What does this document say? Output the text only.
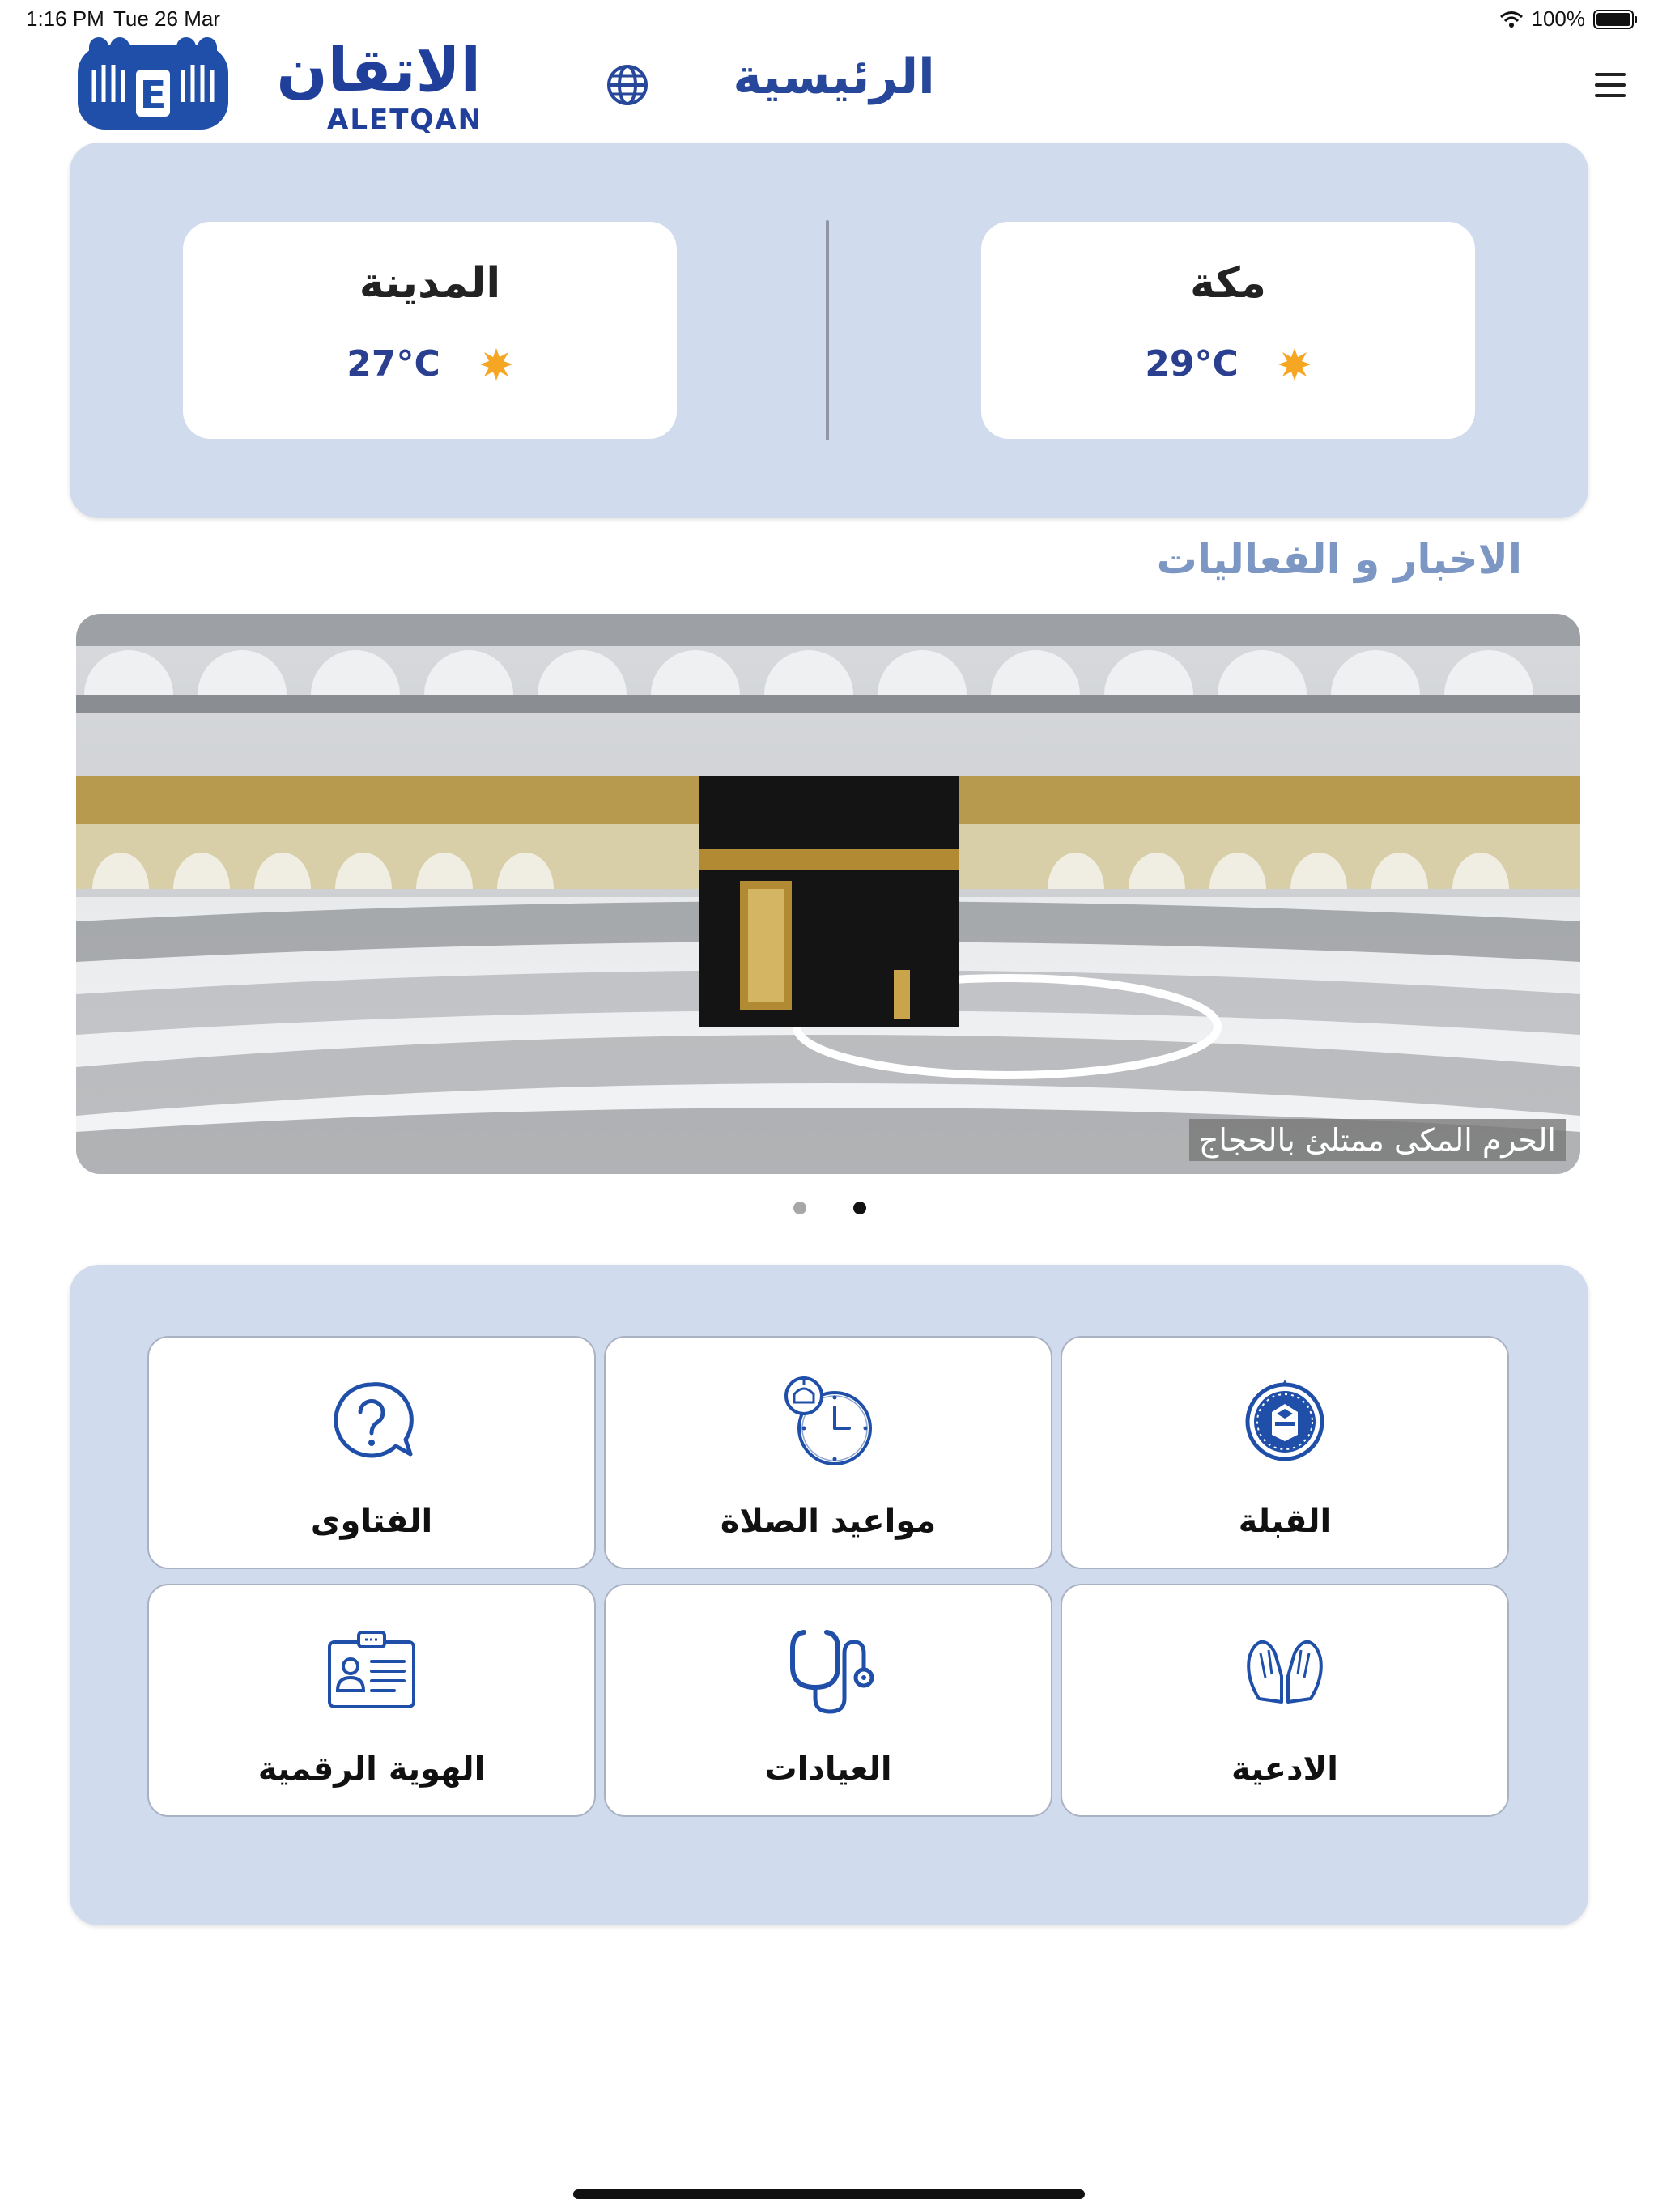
1:16 PM Tue 26 Mar	100%
E الاتقان
ALETQAN
الرئيسية
مكة
29°C
المدينة
27°C
الاخبار و الفعاليات
الحرم المكى ممتلئ بالحجاج
القبلة
مواعيد الصلاة
الفتاوى
الادعية
العيادات
الهوية الرقمية
